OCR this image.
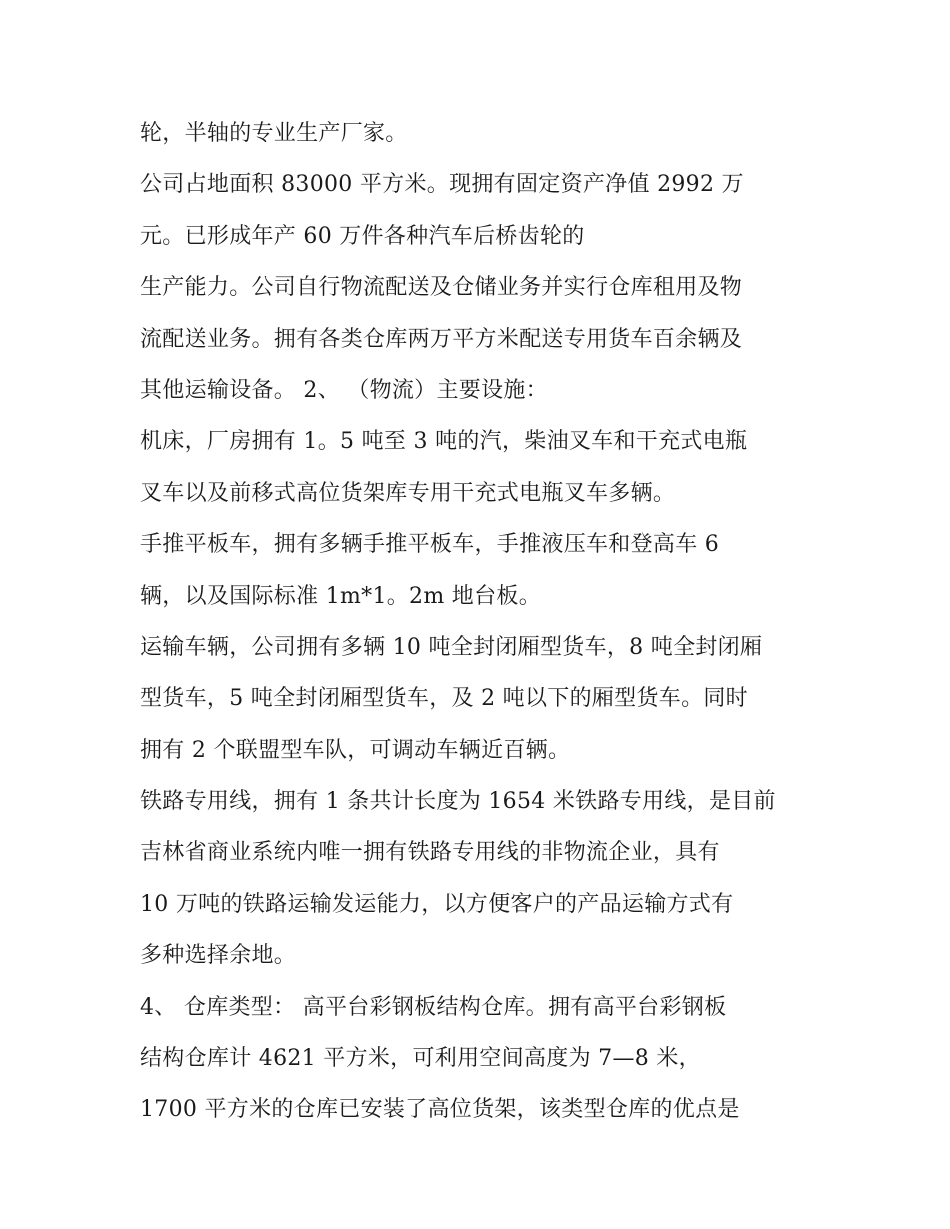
轮，半轴的专业生产厂家。
公司占地面积 83000 平方米。现拥有固定资产净值 2992 万
元。已形成年产 60 万件各种汽车后桥齿轮的
生产能力。公司自行物流配送及仓储业务并实行仓库租用及物
流配送业务。拥有各类仓库两万平方米配送专用货车百余辆及
其他运输设备。 2、 （物流）主要设施：
机床，厂房拥有 1。5 吨至 3 吨的汽，柴油叉车和干充式电瓶
叉车以及前移式高位货架库专用干充式电瓶叉车多辆。
手推平板车，拥有多辆手推平板车，手推液压车和登高车 6
辆，以及国际标准 1m*1。2m 地台板。
运输车辆，公司拥有多辆 10 吨全封闭厢型货车，8 吨全封闭厢
型货车，5 吨全封闭厢型货车，及 2 吨以下的厢型货车。同时
拥有 2 个联盟型车队，可调动车辆近百辆。
铁路专用线，拥有 1 条共计长度为 1654 米铁路专用线，是目前
吉林省商业系统内唯一拥有铁路专用线的非物流企业，具有
10 万吨的铁路运输发运能力，以方便客户的产品运输方式有
多种选择余地。
4、 仓库类型： 高平台彩钢板结构仓库。拥有高平台彩钢板
结构仓库计 4621 平方米，可利用空间高度为 7—8 米，
1700 平方米的仓库已安装了高位货架，该类型仓库的优点是
